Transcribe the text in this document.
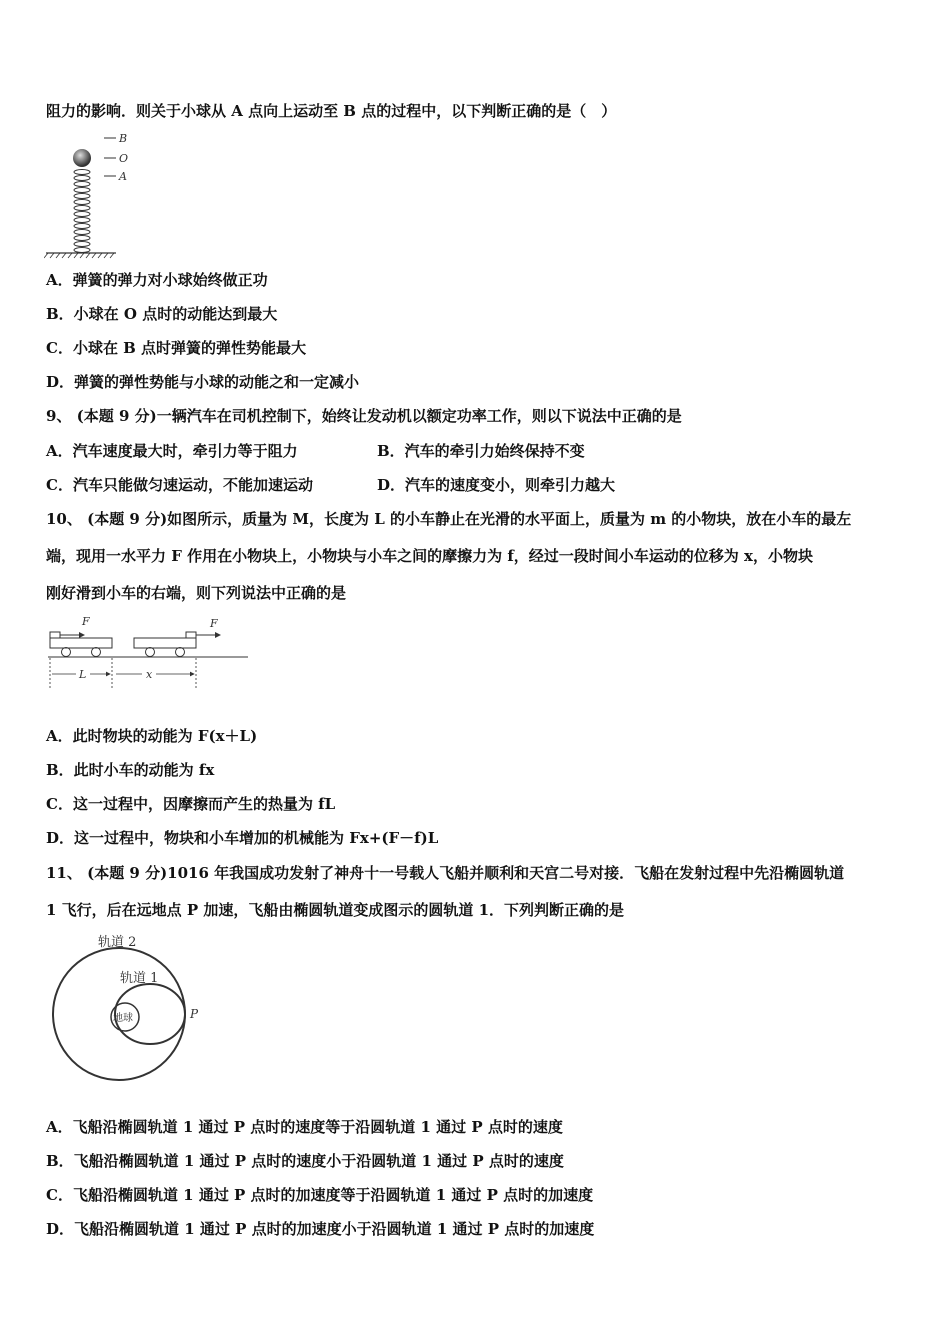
阻力的影响．则关于小球从 A 点向上运动至 B 点的过程中，以下判断正确的是（　）
B
O
A
A．弹簧的弹力对小球始终做正功
B．小球在 O 点时的动能达到最大
C．小球在 B 点时弹簧的弹性势能最大
D．弹簧的弹性势能与小球的动能之和一定减小
9、 (本题 9 分)一辆汽车在司机控制下，始终让发动机以额定功率工作，则以下说法中正确的是
A．汽车速度最大时，牵引力等于阻力	B．汽车的牵引力始终保持不变
C．汽车只能做匀速运动，不能加速运动	D．汽车的速度变小，则牵引力越大
10、 (本题 9 分)如图所示，质量为 M，长度为 L 的小车静止在光滑的水平面上，质量为 m 的小物块，放在小车的最左
端，现用一水平力 F 作用在小物块上，小物块与小车之间的摩擦力为 f，经过一段时间小车运动的位移为 x，小物块
刚好滑到小车的右端，则下列说法中正确的是
F	F
L	x
A．此时物块的动能为 F(x＋L)
B．此时小车的动能为 fx
C．这一过程中，因摩擦而产生的热量为 fL
D．这一过程中，物块和小车增加的机械能为 Fx+(F－f)L
11、 (本题 9 分)1016 年我国成功发射了神舟十一号载人飞船并顺利和天宫二号对接．飞船在发射过程中先沿椭圆轨道
1 飞行，后在远地点 P 加速，飞船由椭圆轨道变成图示的圆轨道 1．下列判断正确的是
地球
轨道 2
轨道 1
P
A．飞船沿椭圆轨道 1 通过 P 点时的速度等于沿圆轨道 1 通过 P 点时的速度
B．飞船沿椭圆轨道 1 通过 P 点时的速度小于沿圆轨道 1 通过 P 点时的速度
C．飞船沿椭圆轨道 1 通过 P 点时的加速度等于沿圆轨道 1 通过 P 点时的加速度
D．飞船沿椭圆轨道 1 通过 P 点时的加速度小于沿圆轨道 1 通过 P 点时的加速度
